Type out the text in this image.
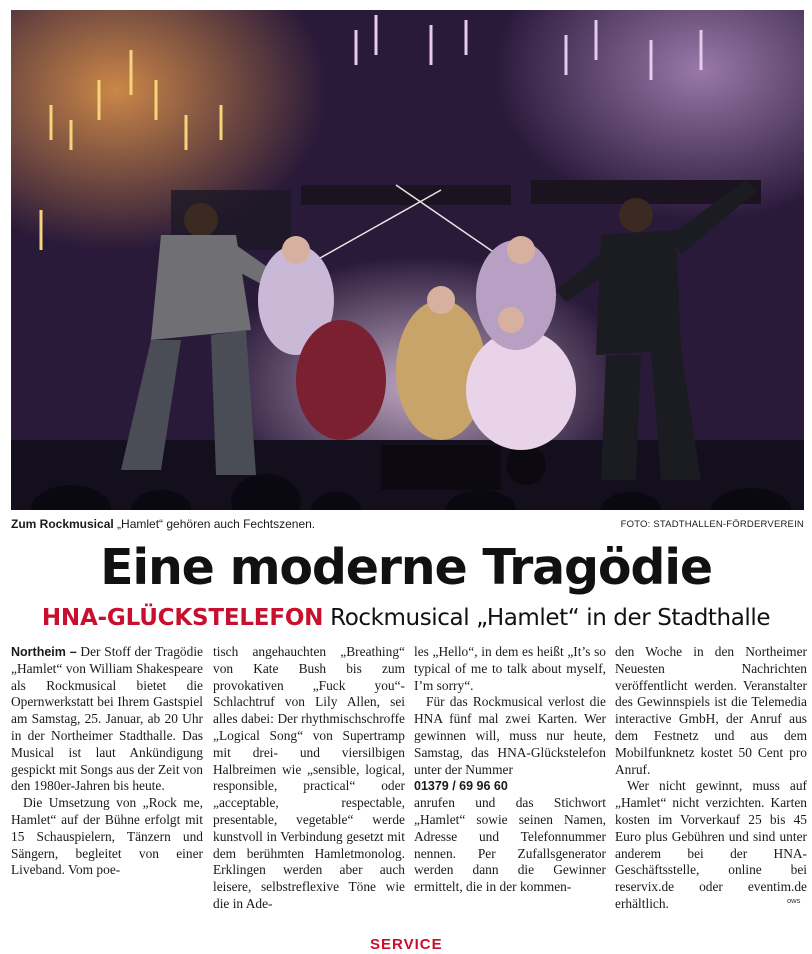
Zum Rockmusical „Hamlet“ gehören auch Fechtszenen.	FOTO: STADTHALLEN-FÖRDERVEREIN
Eine moderne Tragödie
HNA-GLÜCKSTELEFON Rockmusical „Hamlet“ in der Stadthalle

Northeim – Der Stoff der Tragödie „Hamlet“ von William Shakespeare als Rockmusical bietet die Opernwerkstatt bei Ihrem Gastspiel am Samstag, 25. Januar, ab 20 Uhr in der Northeimer Stadthalle. Das Musical ist laut Ankündigung gespickt mit Songs aus der Zeit von den 1980er-Jahren bis heute.

Die Umsetzung von „Rock me, Hamlet“ auf der Bühne erfolgt mit 15 Schauspielern, Tänzern und Sängern, begleitet von einer Liveband. Vom poe-

tisch angehauchten „Breathing“ von Kate Bush bis zum provokativen „Fuck you“-Schlachtruf von Lily Allen, sei alles dabei: Der rhythmischschroffe „Logical Song“ von Supertramp mit drei- und viersilbigen Halbreimen wie „sensible, logical, responsible, practical“ oder „acceptable, respectable, presentable, vegetable“ werde kunstvoll in Verbindung gesetzt mit dem berühmten Hamletmonolog. Erklingen werden aber auch leisere, selbstreflexive Töne wie die in Ade-

les „Hello“, in dem es heißt „It’s so typical of me to talk about myself, I’m sorry“.

Für das Rockmusical verlost die HNA fünf mal zwei Karten. Wer gewinnen will, muss nur heute, Samstag, das HNA-Glückstelefon unter der Nummer

01379 / 69 96 60

anrufen und das Stichwort „Hamlet“ sowie seinen Namen, Adresse und Telefonnummer nennen. Per Zufallsgenerator werden dann die Gewinner ermittelt, die in der kommen-

den Woche in den Northeimer Neuesten Nachrichten veröffentlicht werden. Veranstalter des Gewinnspiels ist die Telemedia interactive GmbH, der Anruf aus dem Festnetz und aus dem Mobilfunknetz kostet 50 Cent pro Anruf.

Wer nicht gewinnt, muss auf „Hamlet“ nicht verzichten. Karten kosten im Vorverkauf 25 bis 45 Euro plus Gebühren und sind unter anderem bei der HNA-Geschäftsstelle, online bei reservix.de oder eventim.de erhältlich.	ows
SERVICE
